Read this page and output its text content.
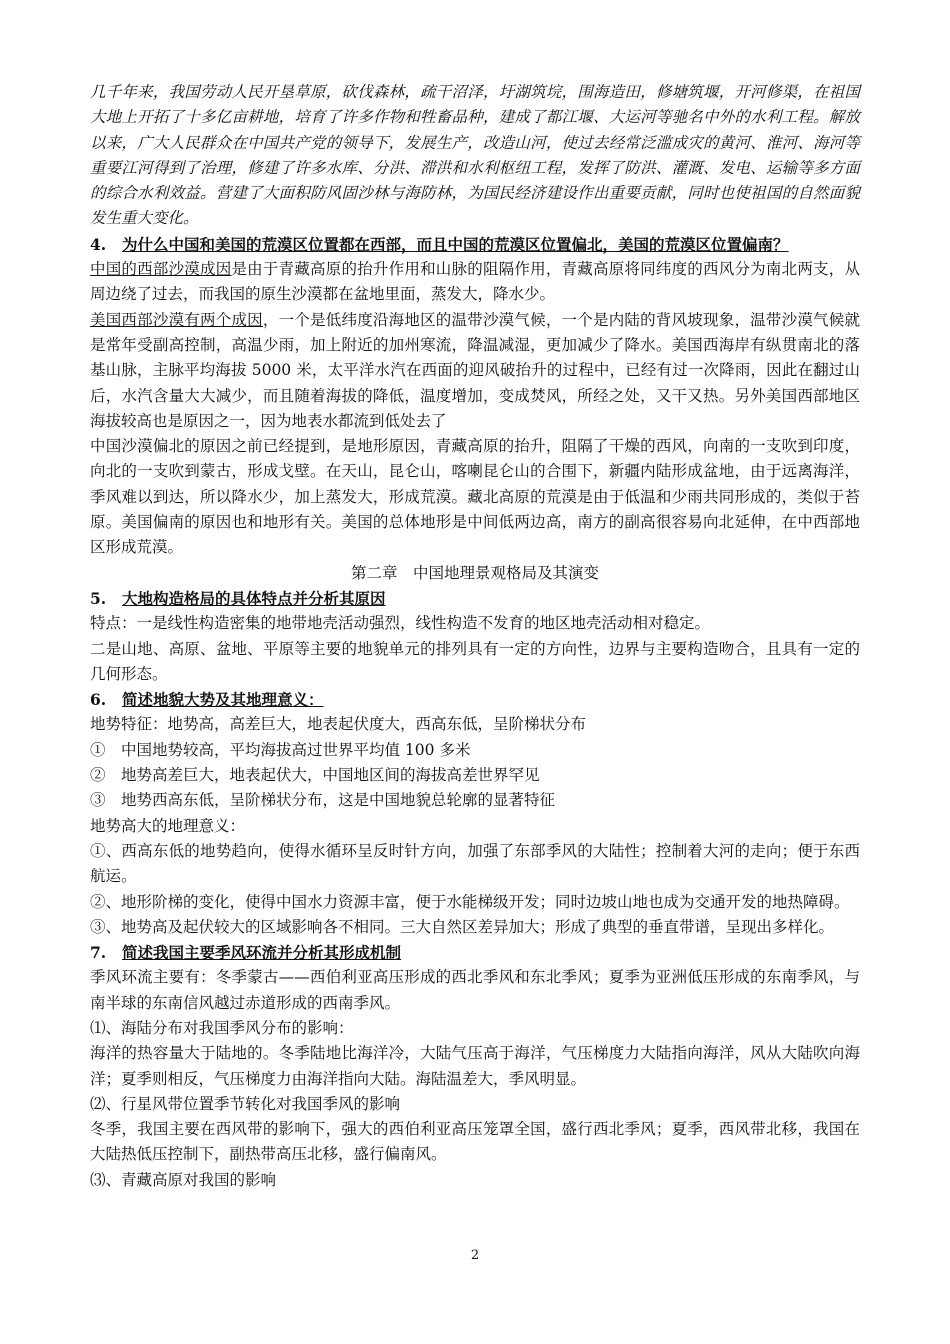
几千年来，我国劳动人民开垦草原，砍伐森林，疏干沼泽，圩湖筑垸，围海造田，修塘筑堰，开河修渠，在祖国大地上开拓了十多亿亩耕地，培育了许多作物和牲畜品种，建成了都江堰、大运河等驰名中外的水利工程。解放以来，广大人民群众在中国共产党的领导下，发展生产，改造山河，使过去经常泛滥成灾的黄河、淮河、海河等重要江河得到了治理，修建了许多水库、分洪、滞洪和水利枢纽工程，发挥了防洪、灌溉、发电、运输等多方面的综合水利效益。营建了大面积防风固沙林与海防林，为国民经济建设作出重要贡献，同时也使祖国的自然面貌发生重大变化。

4. 为什么中国和美国的荒漠区位置都在西部，而且中国的荒漠区位置偏北，美国的荒漠区位置偏南？

中国的西部沙漠成因是由于青藏高原的抬升作用和山脉的阻隔作用，青藏高原将同纬度的西风分为南北两支，从周边绕了过去，而我国的原生沙漠都在盆地里面，蒸发大，降水少。

美国西部沙漠有两个成因，一个是低纬度沿海地区的温带沙漠气候，一个是内陆的背风坡现象，温带沙漠气候就是常年受副高控制，高温少雨，加上附近的加州寒流，降温减湿，更加减少了降水。美国西海岸有纵贯南北的落基山脉，主脉平均海拔 5000 米，太平洋水汽在西面的迎风破抬升的过程中，已经有过一次降雨，因此在翻过山后，水汽含量大大减少，而且随着海拔的降低，温度增加，变成焚风，所经之处，又干又热。另外美国西部地区海拔较高也是原因之一，因为地表水都流到低处去了

中国沙漠偏北的原因之前已经提到，是地形原因，青藏高原的抬升，阻隔了干燥的西风，向南的一支吹到印度，向北的一支吹到蒙古，形成戈壁。在天山，昆仑山，喀喇昆仑山的合围下，新疆内陆形成盆地，由于远离海洋，季风难以到达，所以降水少，加上蒸发大，形成荒漠。藏北高原的荒漠是由于低温和少雨共同形成的，类似于苔原。美国偏南的原因也和地形有关。美国的总体地形是中间低两边高，南方的副高很容易向北延伸，在中西部地区形成荒漠。

第二章　中国地理景观格局及其演变

5. 大地构造格局的具体特点并分析其原因

特点：一是线性构造密集的地带地壳活动强烈，线性构造不发育的地区地壳活动相对稳定。

二是山地、高原、盆地、平原等主要的地貌单元的排列具有一定的方向性，边界与主要构造吻合，且具有一定的几何形态。

6. 简述地貌大势及其地理意义：

地势特征：地势高，高差巨大，地表起伏度大，西高东低，呈阶梯状分布

①　中国地势较高，平均海拔高过世界平均值 100 多米

②　地势高差巨大，地表起伏大，中国地区间的海拔高差世界罕见

③　地势西高东低，呈阶梯状分布，这是中国地貌总轮廓的显著特征

地势高大的地理意义：

①、西高东低的地势趋向，使得水循环呈反时针方向，加强了东部季风的大陆性；控制着大河的走向；便于东西航运。

②、地形阶梯的变化，使得中国水力资源丰富，便于水能梯级开发；同时边坡山地也成为交通开发的地热障碍。

③、地势高及起伏较大的区域影响各不相同。三大自然区差异加大；形成了典型的垂直带谱，呈现出多样化。

7. 简述我国主要季风环流并分析其形成机制

季风环流主要有：冬季蒙古——西伯利亚高压形成的西北季风和东北季风；夏季为亚洲低压形成的东南季风，与南半球的东南信风越过赤道形成的西南季风。

⑴、海陆分布对我国季风分布的影响：

海洋的热容量大于陆地的。冬季陆地比海洋冷，大陆气压高于海洋，气压梯度力大陆指向海洋，风从大陆吹向海洋；夏季则相反，气压梯度力由海洋指向大陆。海陆温差大，季风明显。

⑵、行星风带位置季节转化对我国季风的影响

冬季，我国主要在西风带的影响下，强大的西伯利亚高压笼罩全国，盛行西北季风；夏季，西风带北移，我国在大陆热低压控制下，副热带高压北移，盛行偏南风。

⑶、青藏高原对我国的影响

2
